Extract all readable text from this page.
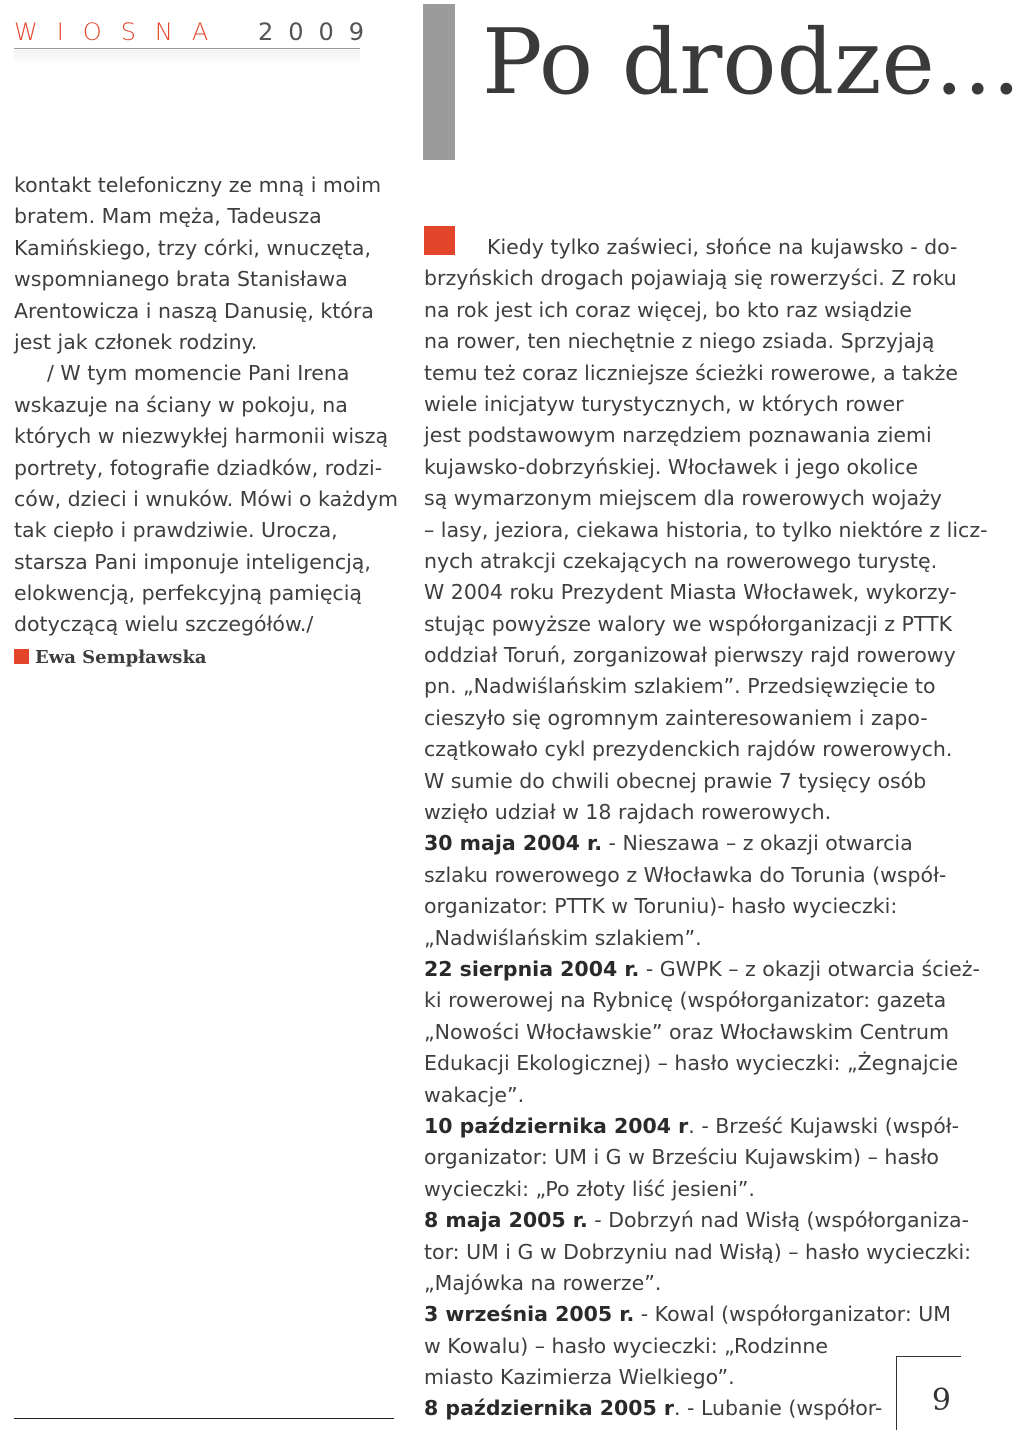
WIOSNA 2009 Po drodze...
kontakt telefoniczny ze mną i moim
bratem. Mam męża, Tadeusza
Kamińskiego, trzy córki, wnuczęta,
wspomnianego brata Stanisława
Arentowicza i naszą Danusię, która
jest jak członek rodziny.
/ W tym momencie Pani Irena
wskazuje na ściany w pokoju, na
których w niezwykłej harmonii wiszą
portrety, fotografie dziadków, rodzi-
ców, dzieci i wnuków. Mówi o każdym
tak ciepło i prawdziwie. Urocza,
starsza Pani imponuje inteligencją,
elokwencją, perfekcyjną pamięcią
dotyczącą wielu szczegółów./
Ewa Sempławska
Kiedy tylko zaświeci, słońce na kujawsko - do-
brzyńskich drogach pojawiają się rowerzyści. Z roku
na rok jest ich coraz więcej, bo kto raz wsiądzie
na rower, ten niechętnie z niego zsiada. Sprzyjają
temu też coraz liczniejsze ścieżki rowerowe, a także
wiele inicjatyw turystycznych, w których rower
jest podstawowym narzędziem poznawania ziemi
kujawsko-dobrzyńskiej. Włocławek i jego okolice
są wymarzonym miejscem dla rowerowych wojaży
– lasy, jeziora, ciekawa historia, to tylko niektóre z licz-
nych atrakcji czekających na rowerowego turystę.
W 2004 roku Prezydent Miasta Włocławek, wykorzy-
stując powyższe walory we współorganizacji z PTTK
oddział Toruń, zorganizował pierwszy rajd rowerowy
pn. „Nadwiślańskim szlakiem”. Przedsięwzięcie to
cieszyło się ogromnym zainteresowaniem i zapo-
czątkowało cykl prezydenckich rajdów rowerowych.
W sumie do chwili obecnej prawie 7 tysięcy osób
wzięło udział w 18 rajdach rowerowych.
30 maja 2004 r. - Nieszawa – z okazji otwarcia
szlaku rowerowego z Włocławka do Torunia (współ-
organizator: PTTK w Toruniu)- hasło wycieczki:
„Nadwiślańskim szlakiem”.
22 sierpnia 2004 r. - GWPK – z okazji otwarcia ścież-
ki rowerowej na Rybnicę (współorganizator: gazeta
„Nowości Włocławskie” oraz Włocławskim Centrum
Edukacji Ekologicznej) – hasło wycieczki: „Żegnajcie
wakacje”.
10 października 2004 r. - Brześć Kujawski (współ-
organizator: UM i G w Brześciu Kujawskim) – hasło
wycieczki: „Po złoty liść jesieni”.
8 maja 2005 r. - Dobrzyń nad Wisłą (współorganiza-
tor: UM i G w Dobrzyniu nad Wisłą) – hasło wycieczki:
„Majówka na rowerze”.
3 września 2005 r. - Kowal (współorganizator: UM
w Kowalu) – hasło wycieczki: „Rodzinne
miasto Kazimierza Wielkiego”.
8 października 2005 r. - Lubanie (współor-	9
